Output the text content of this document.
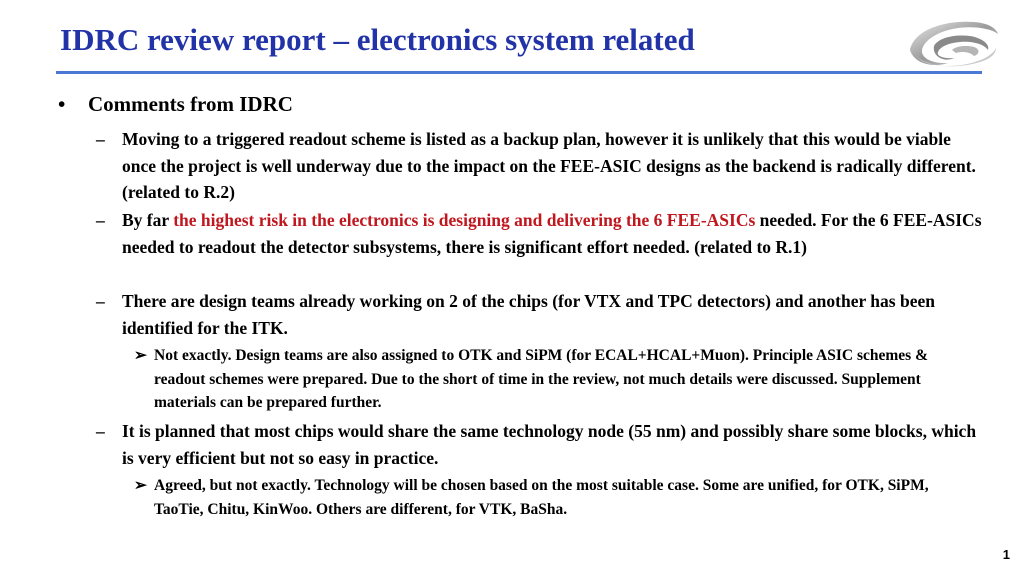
IDRC review report – electronics system related
• Comments from IDRC
– Moving to a triggered readout scheme is listed as a backup plan, however it is unlikely that this would be viable once the project is well underway due to the impact on the FEE-ASIC designs as the backend is radically different. (related to R.2)
– By far the highest risk in the electronics is designing and delivering the 6 FEE-ASICs needed. For the 6 FEE-ASICs needed to readout the detector subsystems, there is significant effort needed. (related to R.1)
– There are design teams already working on 2 of the chips (for VTX and TPC detectors) and another has been identified for the ITK.
➢ Not exactly. Design teams are also assigned to OTK and SiPM (for ECAL+HCAL+Muon). Principle ASIC schemes & readout schemes were prepared. Due to the short of time in the review, not much details were discussed. Supplement materials can be prepared further.
– It is planned that most chips would share the same technology node (55 nm) and possibly share some blocks, which is very efficient but not so easy in practice.
➢ Agreed, but not exactly. Technology will be chosen based on the most suitable case. Some are unified, for OTK, SiPM, TaoTie, Chitu, KinWoo. Others are different, for VTK, BaSha.
1
